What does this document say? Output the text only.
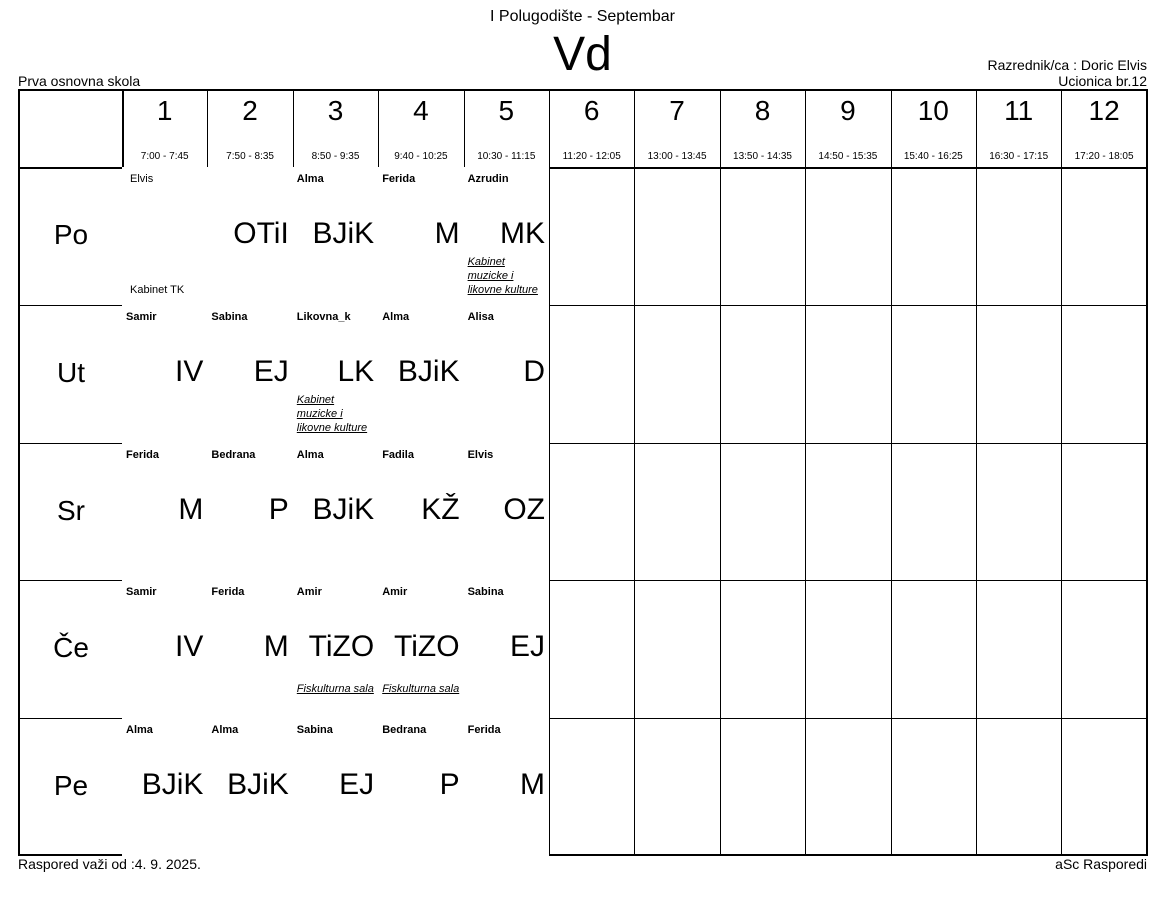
I Polugodište - Septembar
Vd
Prva osnovna skola
Razrednik/ca : Doric Elvis
Ucionica br.12
1
7:00 - 7:45
2
7:50 - 8:35
3
8:50 - 9:35
4
9:40 - 10:25
5
10:30 - 11:15
6
11:20 - 12:05
7
13:00 - 13:45
8
13:50 - 14:35
9
14:50 - 15:35
10
15:40 - 16:25
11
16:30 - 17:15
12
17:20 - 18:05
Po
Elvis
OTiI
Kabinet TK
Alma
BJiK
Ferida
M
Azrudin
MK
Kabinet muzicke i likovne kulture
Ut
Samir
IV
Sabina
EJ
Likovna_k
LK
Kabinet muzicke i likovne kulture
Alma
BJiK
Alisa
D
Sr
Ferida
M
Bedrana
P
Alma
BJiK
Fadila
KŽ
Elvis
OZ
Če
Samir
IV
Ferida
M
Amir
TiZO
Fiskulturna sala
Amir
TiZO
Fiskulturna sala
Sabina
EJ
Pe
Alma
BJiK
Alma
BJiK
Sabina
EJ
Bedrana
P
Ferida
M
Raspored važi od :4. 9. 2025.	aSc Rasporedi
